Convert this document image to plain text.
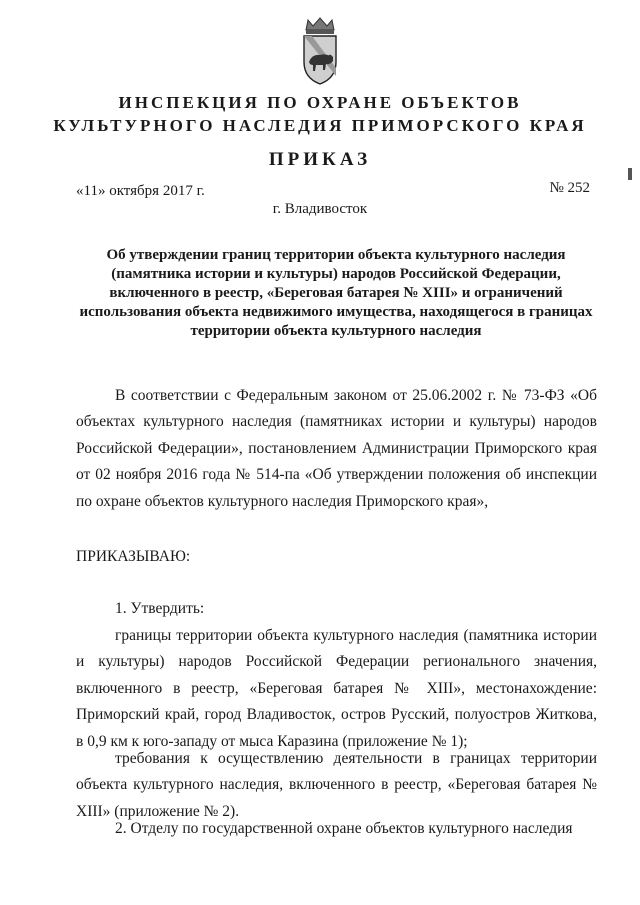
ИНСПЕКЦИЯ ПО ОХРАНЕ ОБЪЕКТОВ
КУЛЬТУРНОГО НАСЛЕДИЯ ПРИМОРСКОГО КРАЯ
ПРИКАЗ
«11» октября 2017 г.	№ 252
г. Владивосток
Об утверждении границ территории объекта культурного наследия (памятника истории и культуры) народов Российской Федерации, включенного в реестр, «Береговая батарея № XIII» и ограничений использования объекта недвижимого имущества, находящегося в границах территории объекта культурного наследия

В соответствии с Федеральным законом от 25.06.2002 г. № 73-ФЗ «Об объектах культурного наследия (памятниках истории и культуры) народов Российской Федерации», постановлением Администрации Приморского края от 02 ноября 2016 года № 514-па «Об утверждении положения об инспекции по охране объектов культурного наследия Приморского края»,

ПРИКАЗЫВАЮ:

1. Утвердить:

границы территории объекта культурного наследия (памятника истории и культуры) народов Российской Федерации регионального значения, включенного в реестр, «Береговая батарея № XIII», местонахождение: Приморский край, город Владивосток, остров Русский, полуостров Житкова, в 0,9 км к юго-западу от мыса Каразина (приложение № 1);

требования к осуществлению деятельности в границах территории объекта культурного наследия, включенного в реестр, «Береговая батарея № XIII» (приложение № 2).

2. Отделу по государственной охране объектов культурного наследия
